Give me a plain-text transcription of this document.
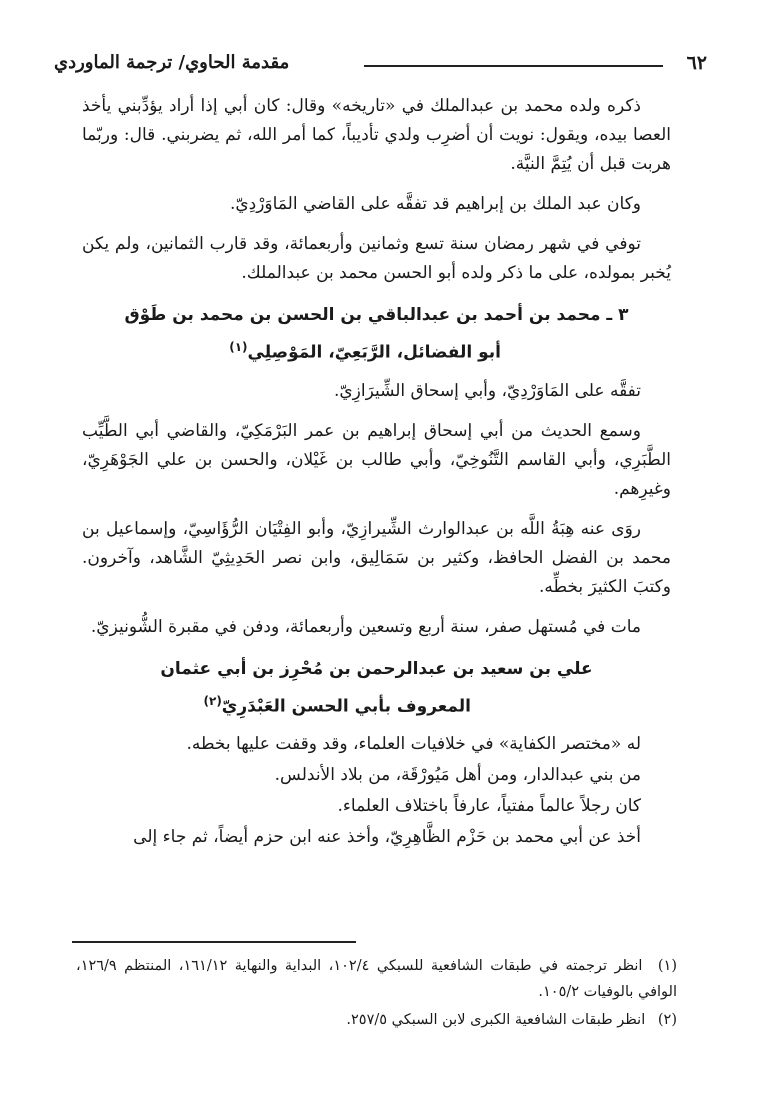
٦٢
مقدمة الحاوي/ ترجمة الماوردي

ذكره ولده محمد بن عبدالملك في «تاريخه» وقال: كان أبي إذا أراد يؤدِّبني يأخذ العصا بيده، ويقول: نويت أن أضرِب ولدي تأديباً، كما أمر الله، ثم يضربني. قال: وربّما هربت قبل أن يُتِمَّ النيَّة.

وكان عبد الملك بن إبراهيم قد تفقَّه على القاضي المَاوَرْدِيّ.

توفي في شهر رمضان سنة تسع وثمانين وأربعمائة، وقد قارب الثمانين، ولم يكن يُخبر بمولده، على ما ذكر ولده أبو الحسن محمد بن عبدالملك.

٣ ـ محمد بن أحمد بن عبدالباقي بن الحسن بن محمد بن طَوْق
أبو الفضائل، الرَّبَعِيّ، المَوْصِلِي$^{(١)}$

تفقَّه على المَاوَرْدِيّ، وأبي إسحاق الشِّيرَازِيّ.

وسمع الحديث من أبي إسحاق إبراهيم بن عمر البَرْمَكِيّ، والقاضي أبي الطَّيِّب الطَّبَرِي، وأبي القاسم التَّنُوخِيّ، وأبي طالب بن غَيْلان، والحسن بن علي الجَوْهَرِيّ، وغيرِهم.

روَى عنه هِبَةُ اللَّه بن عبدالوارث الشِّيرازِيّ، وأبو الفِتْيَان الرُّؤَاسِيّ، وإسماعيل بن محمد بن الفضل الحافظ، وكثير بن سَمَالِيق، وابن نصر الحَدِيثِيّ الشَّاهد، وآخرون. وكتبَ الكثيرَ بخطِّه.

مات في مُستهل صفر، سنة أربع وتسعين وأربعمائة، ودفن في مقبرة الشُّونيزيّ.

علي بن سعيد بن عبدالرحمن بن مُحْرِز بن أبي عثمان
المعروف بأبي الحسن العَبْدَرِيّ$^{(٢)}$

له «مختصر الكفاية» في خلافيات العلماء، وقد وقفت عليها بخطه.

من بني عبدالدار، ومن أهل مَيُورْقَة، من بلاد الأندلس.

كان رجلاً عالماً مفتياً، عارفاً باختلاف العلماء.

أخذ عن أبي محمد بن حَزْم الظَّاهِرِيّ، وأخذ عنه ابن حزم أيضاً، ثم جاء إلى

(١) انظر ترجمته في طبقات الشافعية للسبكي ١٠٢/٤، البداية والنهاية ١٦١/١٢، المنتظم ١٢٦/٩، الوافي بالوفيات ١٠٥/٢.
(٢) انظر طبقات الشافعية الكبرى لابن السبكي ٢٥٧/٥.
